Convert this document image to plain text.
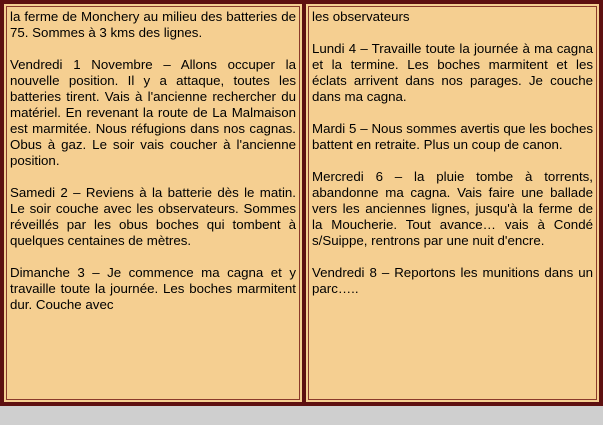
la ferme de Monchery au milieu des batteries de 75. Sommes à 3 kms des lignes.

Vendredi 1 Novembre – Allons occuper la nouvelle position. Il y a attaque, toutes les batteries tirent. Vais à l'ancienne rechercher du matériel. En revenant la route de La Malmaison est marmitée. Nous réfugions dans nos cagnas. Obus à gaz. Le soir vais coucher à l'ancienne position.

Samedi 2 – Reviens à la batterie dès le matin. Le soir couche avec les observateurs. Sommes réveillés par les obus boches qui tombent à quelques centaines de mètres.

Dimanche 3 – Je commence ma cagna et y travaille toute la journée. Les boches marmitent dur. Couche avec

les observateurs

Lundi 4 – Travaille toute la journée à ma cagna et la termine. Les boches marmitent et les éclats arrivent dans nos parages. Je couche dans ma cagna.

Mardi 5 – Nous sommes avertis que les boches battent en retraite. Plus un coup de canon.

Mercredi 6 – la pluie tombe à torrents, abandonne ma cagna. Vais faire une ballade vers les anciennes lignes, jusqu'à la ferme de la Moucherie. Tout avance… vais à Condé s/Suippe, rentrons par une nuit d'encre.

Vendredi 8 – Reportons les munitions dans un parc…..
